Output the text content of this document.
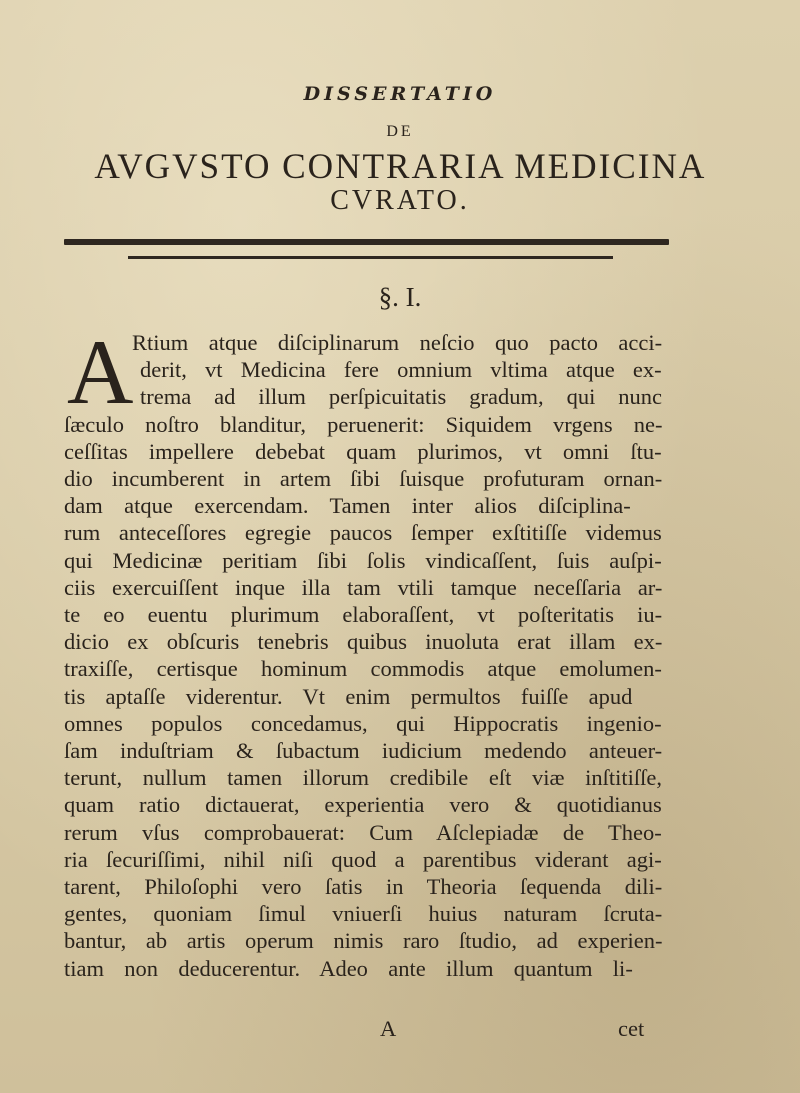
DISSERTATIO
DE
AVGVSTO CONTRARIA MEDICINA
CVRATO.
§. I.
A
Rtium atque diſciplinarum neſcio quo pacto acci-
derit, vt Medicina fere omnium vltima atque ex-
trema ad illum perſpicuitatis gradum, qui nunc
ſæculo noſtro blanditur, peruenerit: Siquidem vrgens ne-
ceſſitas impellere debebat quam plurimos, vt omni ſtu-
dio incumberent in artem ſibi ſuisque profuturam ornan-
dam atque exercendam. Tamen inter alios diſciplina-
rum anteceſſores egregie paucos ſemper exſtitiſſe videmus
qui Medicinæ peritiam ſibi ſolis vindicaſſent, ſuis auſpi-
ciis exercuiſſent inque illa tam vtili tamque neceſſaria ar-
te eo euentu plurimum elaboraſſent, vt poſteritatis iu-
dicio ex obſcuris tenebris quibus inuoluta erat illam ex-
traxiſſe, certisque hominum commodis atque emolumen-
tis aptaſſe viderentur. Vt enim permultos fuiſſe apud
omnes populos concedamus, qui Hippocratis ingenio-
ſam induſtriam & ſubactum iudicium medendo anteuer-
terunt, nullum tamen illorum credibile eſt viæ inſtitiſſe,
quam ratio dictauerat, experientia vero & quotidianus
rerum vſus comprobauerat: Cum Aſclepiadæ de Theo-
ria ſecuriſſimi, nihil niſi quod a parentibus viderant agi-
tarent, Philoſophi vero ſatis in Theoria ſequenda dili-
gentes, quoniam ſimul vniuerſi huius naturam ſcruta-
bantur, ab artis operum nimis raro ſtudio, ad experien-
tiam non deducerentur. Adeo ante illum quantum li-
A	cet
